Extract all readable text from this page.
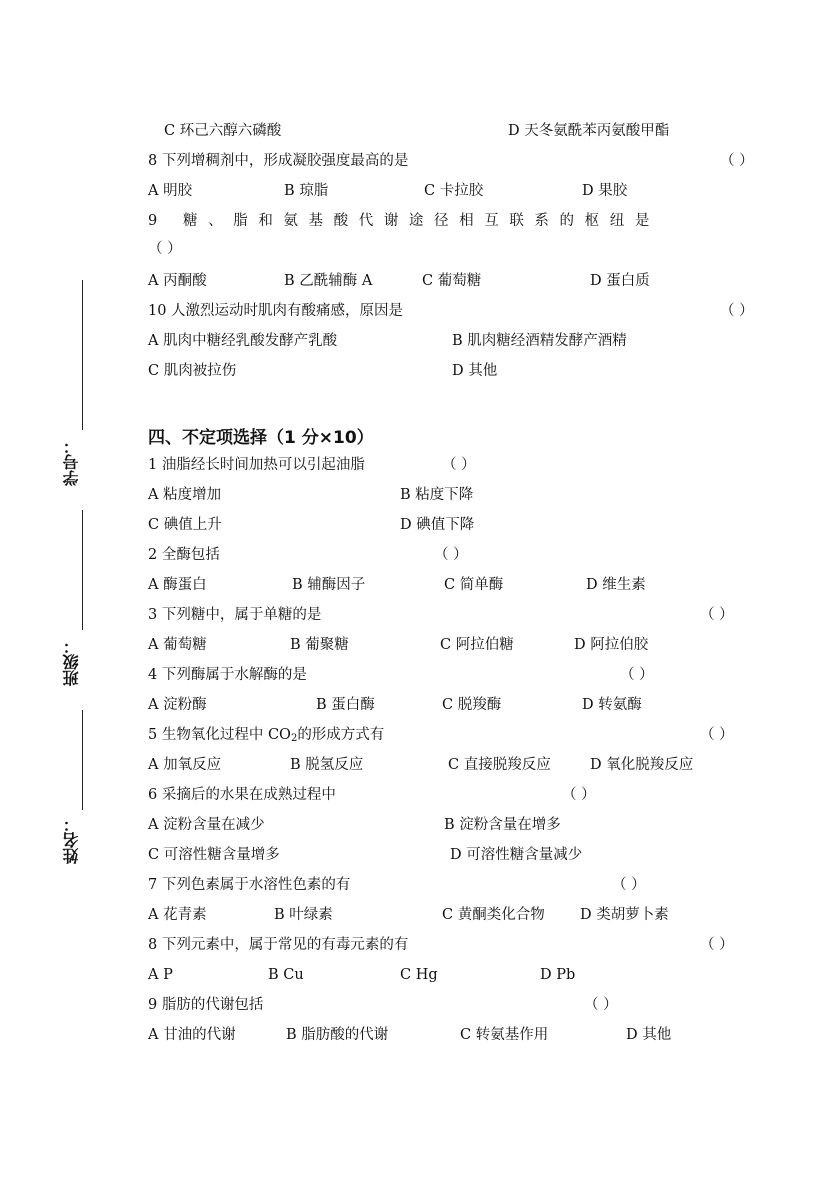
学号：
班级：
姓名：
C 环己六醇六磷酸	D 天冬氨酰苯丙氨酸甲酯
8 下列增稠剂中，形成凝胶强度最高的是	（ ）
A 明胶	B 琼脂	C 卡拉胶	D 果胶
9 糖、脂和氨基酸代谢途径相互联系的枢纽是
（ ）
A 丙酮酸	B 乙酰辅酶 A	C 葡萄糖	D 蛋白质
10 人激烈运动时肌肉有酸痛感，原因是	（ ）
A 肌肉中糖经乳酸发酵产乳酸	B 肌肉糖经酒精发酵产酒精
C 肌肉被拉伤	D 其他
四、不定项选择（1 分×10）
1 油脂经长时间加热可以引起油脂	（ ）
A 粘度增加	B 粘度下降
C 碘值上升	D 碘值下降
2 全酶包括	（ ）
A 酶蛋白	B 辅酶因子	C 简单酶	D 维生素
3 下列糖中，属于单糖的是	（ ）
A 葡萄糖	B 葡聚糖	C 阿拉伯糖	D 阿拉伯胶
4 下列酶属于水解酶的是	（ ）
A 淀粉酶	B 蛋白酶	C 脱羧酶	D 转氨酶
5 生物氧化过程中 $CO_2$的形成方式有	（ ）
A 加氧反应	B 脱氢反应	C 直接脱羧反应	D 氧化脱羧反应
6 采摘后的水果在成熟过程中	（ ）
A 淀粉含量在减少	B 淀粉含量在增多
C 可溶性糖含量增多	D 可溶性糖含量减少
7 下列色素属于水溶性色素的有	（ ）
A 花青素	B 叶绿素	C 黄酮类化合物 D 类胡萝卜素
8 下列元素中，属于常见的有毒元素的有	（ ）
A P	B Cu	C Hg	D Pb
9 脂肪的代谢包括	（ ）
A 甘油的代谢	B 脂肪酸的代谢	C 转氨基作用	D 其他
